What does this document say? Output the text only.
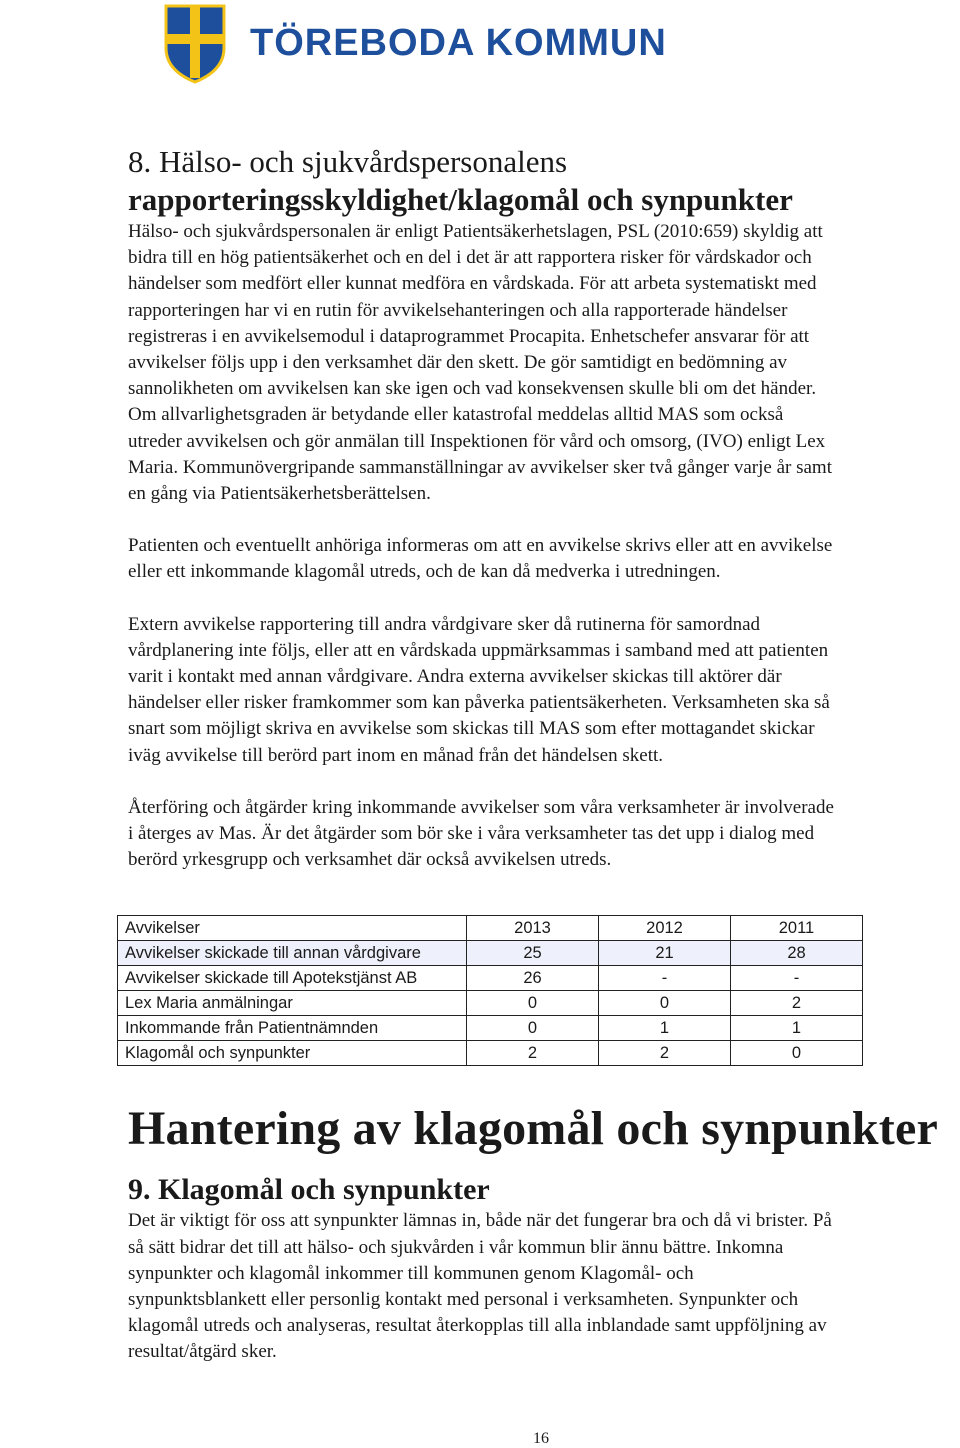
TÖREBODA KOMMUN
8. Hälso- och sjukvårdspersonalens
rapporteringsskyldighet/klagomål och synpunkter

Hälso- och sjukvårdspersonalen är enligt Patientsäkerhetslagen, PSL (2010:659) skyldig att
bidra till en hög patientsäkerhet och en del i det är att rapportera risker för vårdskador och
händelser som medfört eller kunnat medföra en vårdskada. För att arbeta systematiskt med
rapporteringen har vi en rutin för avvikelsehanteringen och alla rapporterade händelser
registreras i en avvikelsemodul i dataprogrammet Procapita. Enhetschefer ansvarar för att
avvikelser följs upp i den verksamhet där den skett. De gör samtidigt en bedömning av
sannolikheten om avvikelsen kan ske igen och vad konsekvensen skulle bli om det händer.
Om allvarlighetsgraden är betydande eller katastrofal meddelas alltid MAS som också
utreder avvikelsen och gör anmälan till Inspektionen för vård och omsorg, (IVO) enligt Lex
Maria. Kommunövergripande sammanställningar av avvikelser sker två gånger varje år samt
en gång via Patientsäkerhetsberättelsen.

Patienten och eventuellt anhöriga informeras om att en avvikelse skrivs eller att en avvikelse
eller ett inkommande klagomål utreds, och de kan då medverka i utredningen.

Extern avvikelse rapportering till andra vårdgivare sker då rutinerna för samordnad
vårdplanering inte följs, eller att en vårdskada uppmärksammas i samband med att patienten
varit i kontakt med annan vårdgivare. Andra externa avvikelser skickas till aktörer där
händelser eller risker framkommer som kan påverka patientsäkerheten. Verksamheten ska så
snart som möjligt skriva en avvikelse som skickas till MAS som efter mottagandet skickar
iväg avvikelse till berörd part inom en månad från det händelsen skett.

Återföring och åtgärder kring inkommande avvikelser som våra verksamheter är involverade
i återges av Mas. Är det åtgärder som bör ske i våra verksamheter tas det upp i dialog med
berörd yrkesgrupp och verksamhet där också avvikelsen utreds.

Avvikelser	2013	2012	2011
Avvikelser skickade till annan vårdgivare	25	21	28
Avvikelser skickade till Apotekstjänst AB	26	-	-
Lex Maria anmälningar	0	0	2
Inkommande från Patientnämnden	0	1	1
Klagomål och synpunkter	2	2	0
Hantering av klagomål och synpunkter
9. Klagomål och synpunkter

Det är viktigt för oss att synpunkter lämnas in, både när det fungerar bra och då vi brister. På
så sätt bidrar det till att hälso- och sjukvården i vår kommun blir ännu bättre. Inkomna
synpunkter och klagomål inkommer till kommunen genom Klagomål- och
synpunktsblankett eller personlig kontakt med personal i verksamheten. Synpunkter och
klagomål utreds och analyseras, resultat återkopplas till alla inblandade samt uppföljning av
resultat/åtgärd sker.

16
